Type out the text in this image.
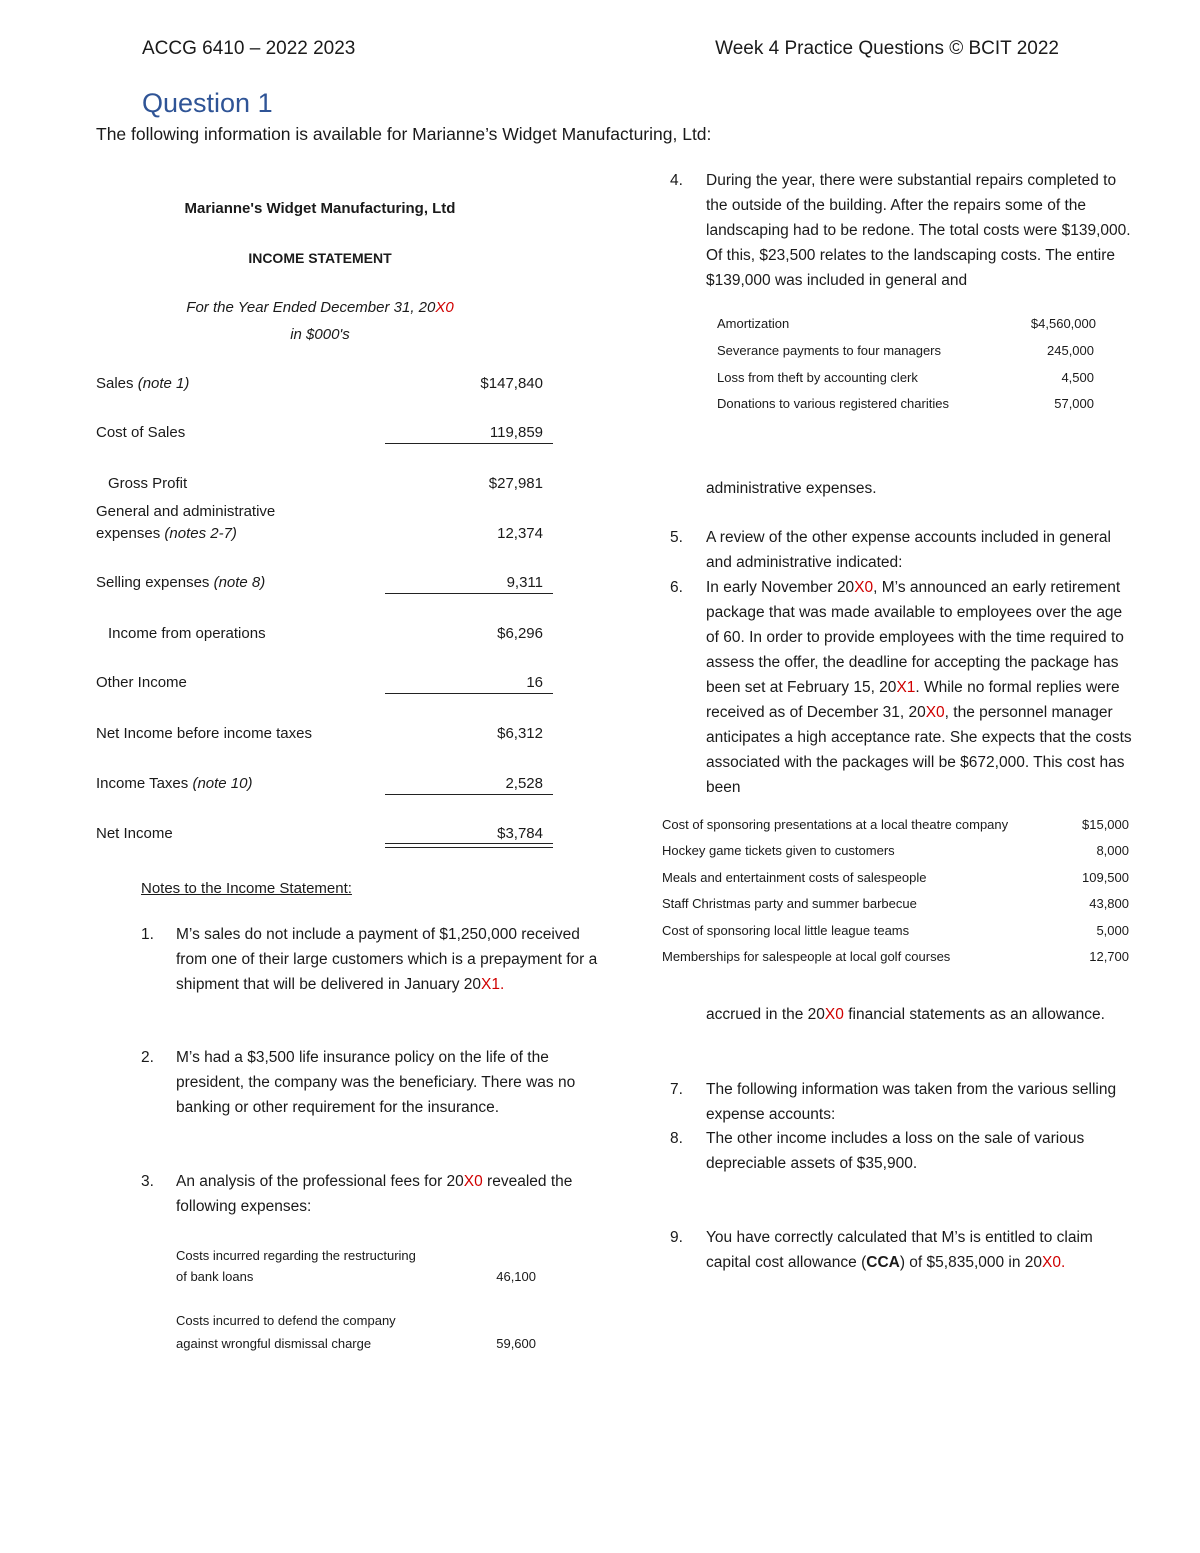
ACCG 6410 – 2022 2023	Week 4 Practice Questions © BCIT 2022
Question 1
The following information is available for Marianne’s Widget Manufacturing, Ltd:
Marianne's Widget Manufacturing, Ltd
INCOME STATEMENT
For the Year Ended December 31, 20X0
in $000's
Sales (note 1)	$147,840
Cost of Sales	119,859
Gross Profit	$27,981
General and administrative
expenses (notes 2-7)	12,374
Selling expenses (note 8)	9,311
Income from operations	$6,296
Other Income	16
Net Income before income taxes	$6,312
Income Taxes (note 10)	2,528
Net Income	$3,784
Notes to the Income Statement:
1. M’s sales do not include a payment of $1,250,000 received from one of their large customers which is a prepayment for a shipment that will be delivered in January 20X1.
2. M’s had a $3,500 life insurance policy on the life of the president, the company was the beneficiary. There was no banking or other requirement for the insurance.
3. An analysis of the professional fees for 20X0 revealed the following expenses:
Costs incurred regarding the restructuring
of bank loans	46,100
Costs incurred to defend the company
against wrongful dismissal charge	59,600
4. During the year, there were substantial repairs completed to the outside of the building. After the repairs some of the landscaping had to be redone. The total costs were $139,000. Of this, $23,500 relates to the landscaping costs. The entire $139,000 was included in general and
Amortization	$4,560,000
Severance payments to four managers	245,000
Loss from theft by accounting clerk	4,500
Donations to various registered charities	57,000
administrative expenses.
5. A review of the other expense accounts included in general and administrative indicated:
6. In early November 20X0, M’s announced an early retirement package that was made available to employees over the age of 60. In order to provide employees with the time required to assess the offer, the deadline for accepting the package has been set at February 15, 20X1. While no formal replies were received as of December 31, 20X0, the personnel manager anticipates a high acceptance rate. She expects that the costs associated with the packages will be $672,000. This cost has been
Cost of sponsoring presentations at a local theatre company	$15,000
Hockey game tickets given to customers	8,000
Meals and entertainment costs of salespeople	109,500
Staff Christmas party and summer barbecue	43,800
Cost of sponsoring local little league teams	5,000
Memberships for salespeople at local golf courses	12,700
accrued in the 20X0 financial statements as an allowance.
7. The following information was taken from the various selling expense accounts:
8. The other income includes a loss on the sale of various depreciable assets of $35,900.
9. You have correctly calculated that M’s is entitled to claim capital cost allowance (CCA) of $5,835,000 in 20X0.
